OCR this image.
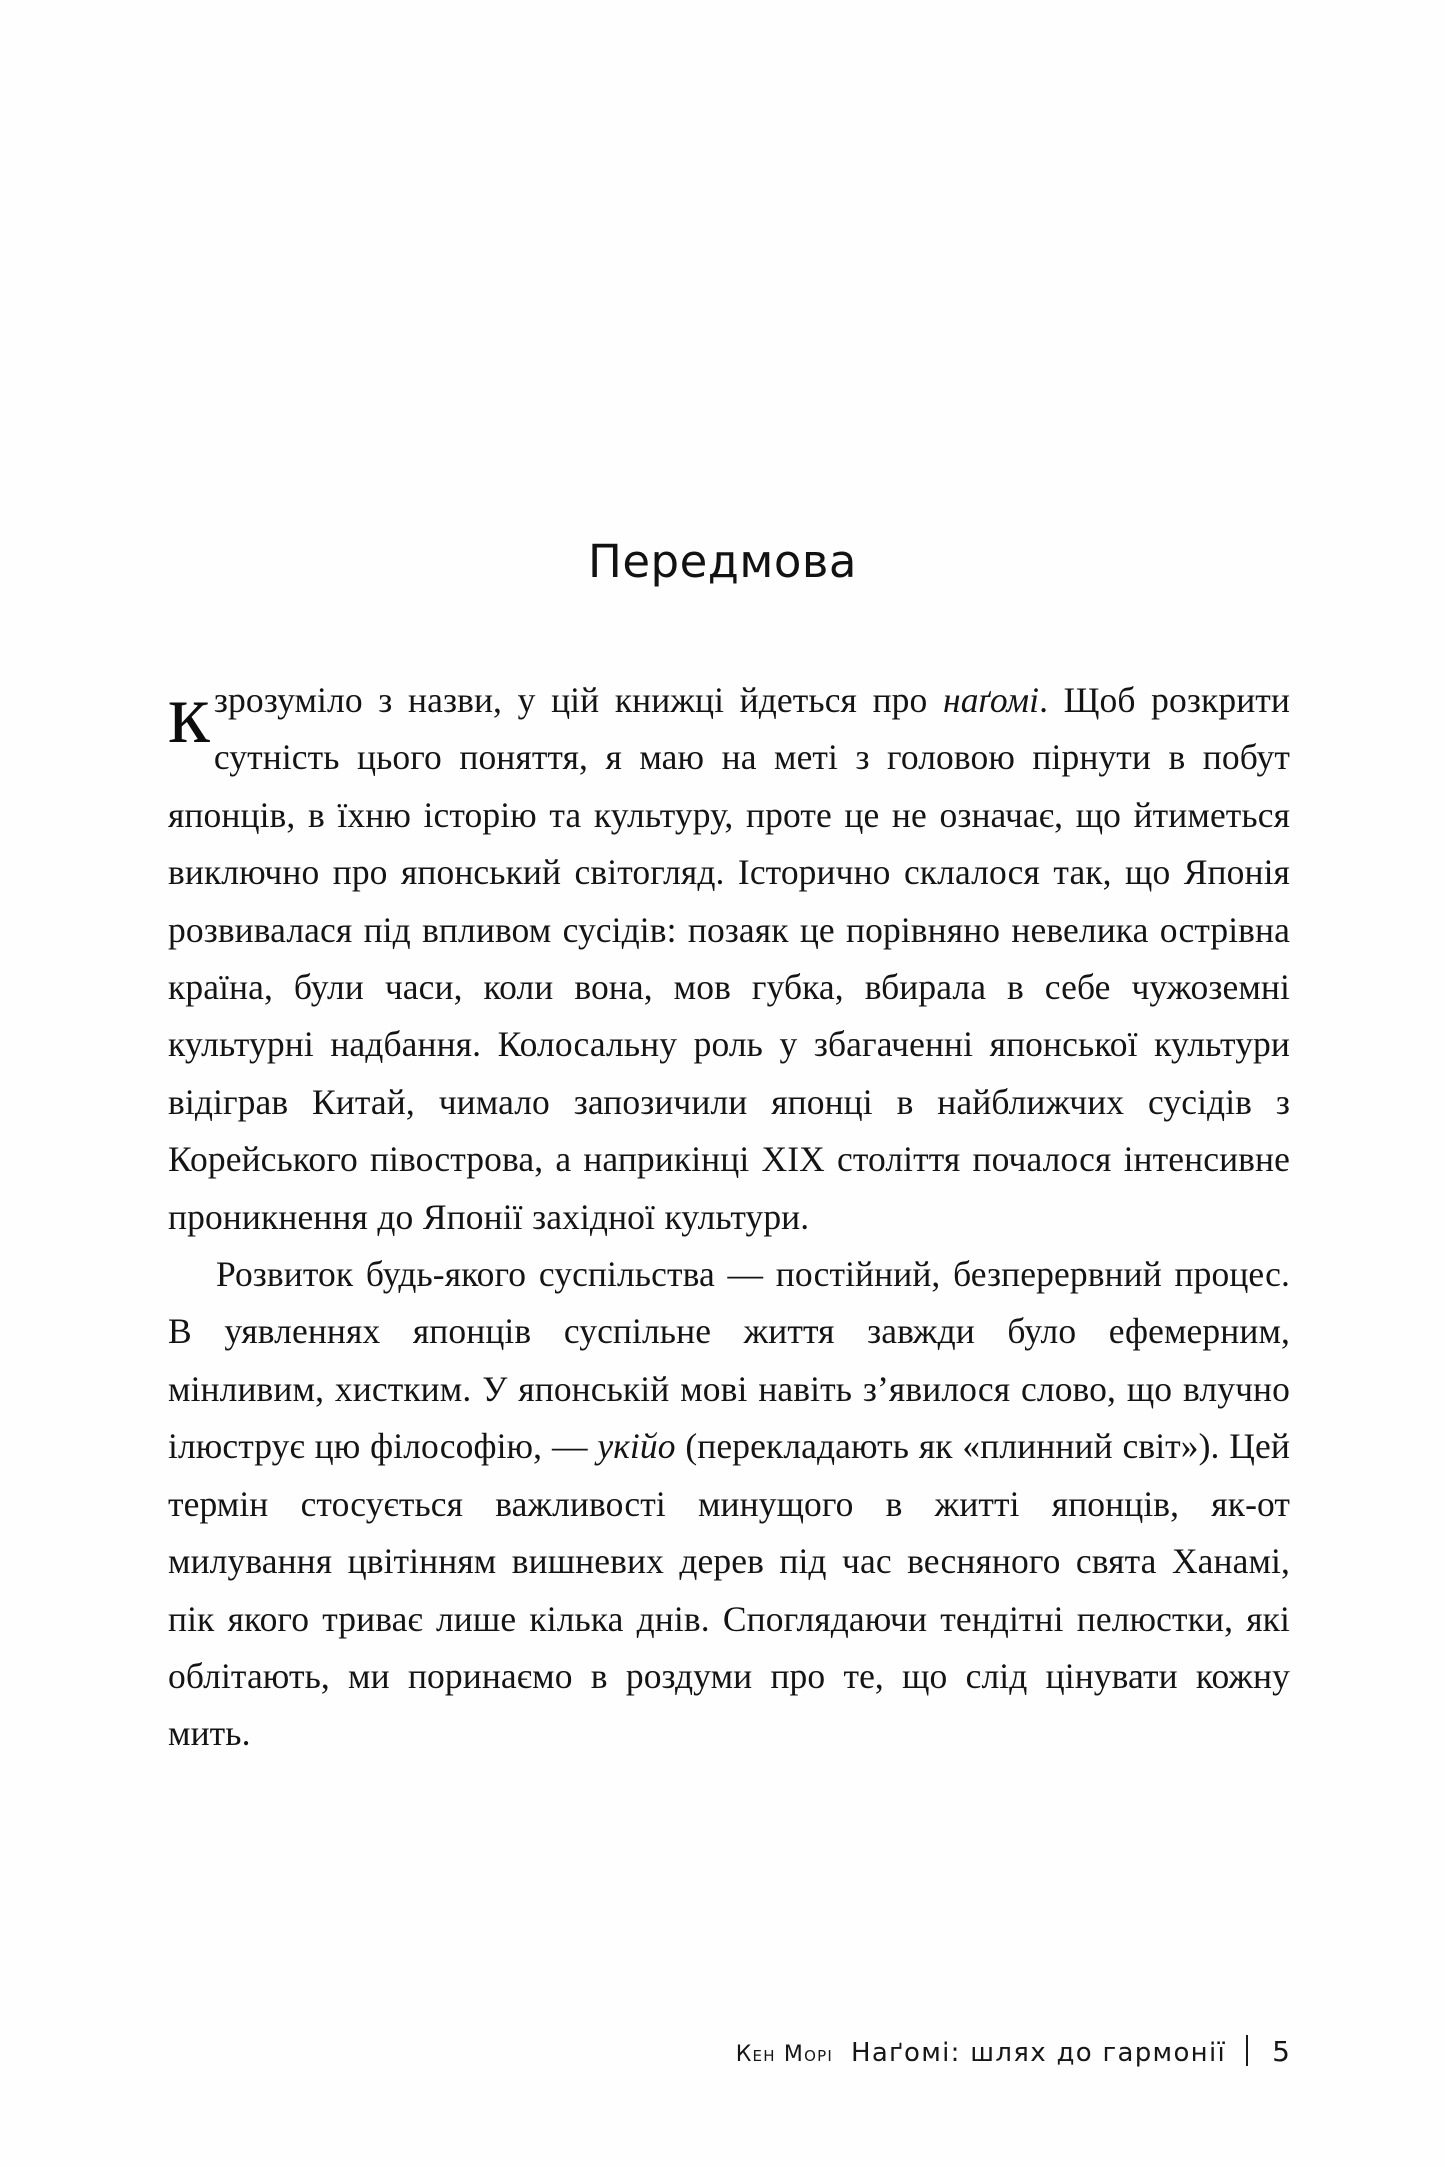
Передмова

кзрозуміло з назви, у цій книжці йдеться про наґомі. Щоб розкрити сутність цього поняття, я маю на меті з головою пірнути в побут японців, в їхню історію та культуру, проте це не означає, що йтиметься виключно про японський світогляд. Історично склалося так, що Японія розвивалася під впливом сусідів: позаяк це порівняно невелика острівна країна, були часи, коли вона, мов губка, вбирала в себе чужоземні культурні надбання. Колосальну роль у збагаченні японської культури відіграв Китай, чимало запозичили японці в найближчих сусідів з Корейського півострова, а наприкінці XIX століття почалося інтенсивне проникнення до Японії західної культури.

Розвиток будь-якого суспільства — постійний, безперервний процес. В уявленнях японців суспільне життя завжди було ефемерним, мінливим, хистким. У японській мові навіть з’явилося слово, що влучно ілюструє цю філософію, — укійо (перекладають як «плинний світ»). Цей термін стосується важливості минущого в житті японців, як-от милування цвітінням вишневих дерев під час весняного свята Ханамі, пік якого триває лише кілька днів. Споглядаючи тендітні пелюстки, які облітають, ми поринаємо в роздуми про те, що слід цінувати кожну мить.

Кен Морі Наґомі: шлях до гармонії 5
